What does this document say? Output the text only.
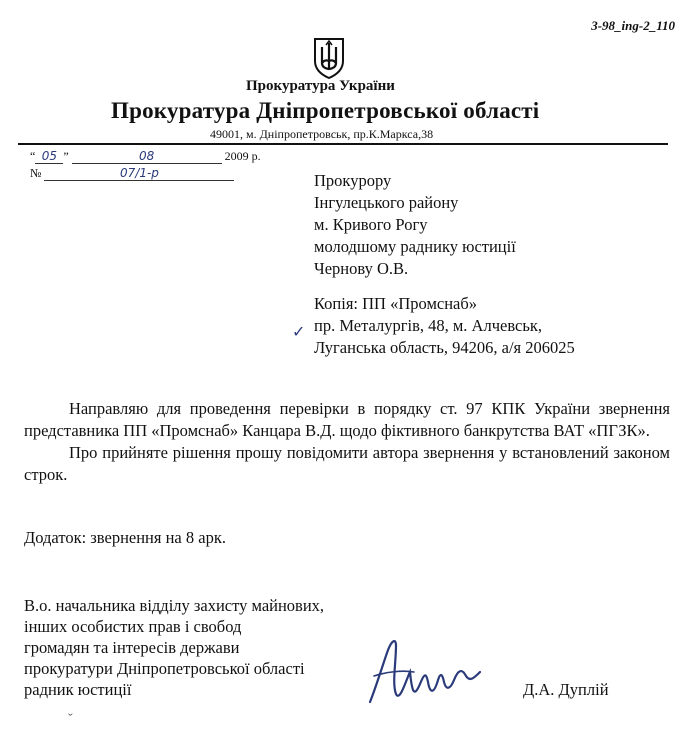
3-98_ing-2_110
Прокуратура України
Прокуратура Дніпропетровської області
49001, м. Дніпропетровськ, пр.К.Маркса,38
“ 05 ”	08	2009 р.
№	07/1-р	Прокурору
Інгулецького району
м. Кривого Рогу
молодшому раднику юстиції
Чернову О.В.
✓
Копія: ПП «Промснаб»
пр. Металургів, 48, м. Алчевськ,
Луганська область, 94206, а/я 206025

Направляю для проведення перевірки в порядку ст. 97 КПК України звернення представника ПП «Промснаб» Канцара В.Д. щодо фіктивного банкрутства ВАТ «ПГЗК».

Про прийняте рішення прошу повідомити автора звернення у встановлений законом строк.

Додаток: звернення на 8 арк.
В.о. начальника відділу захисту майнових,
інших особистих прав і свобод
громадян та інтересів держави
прокуратури Дніпропетровської області
радник юстиції	Д.А. Дуплій
ˇ
